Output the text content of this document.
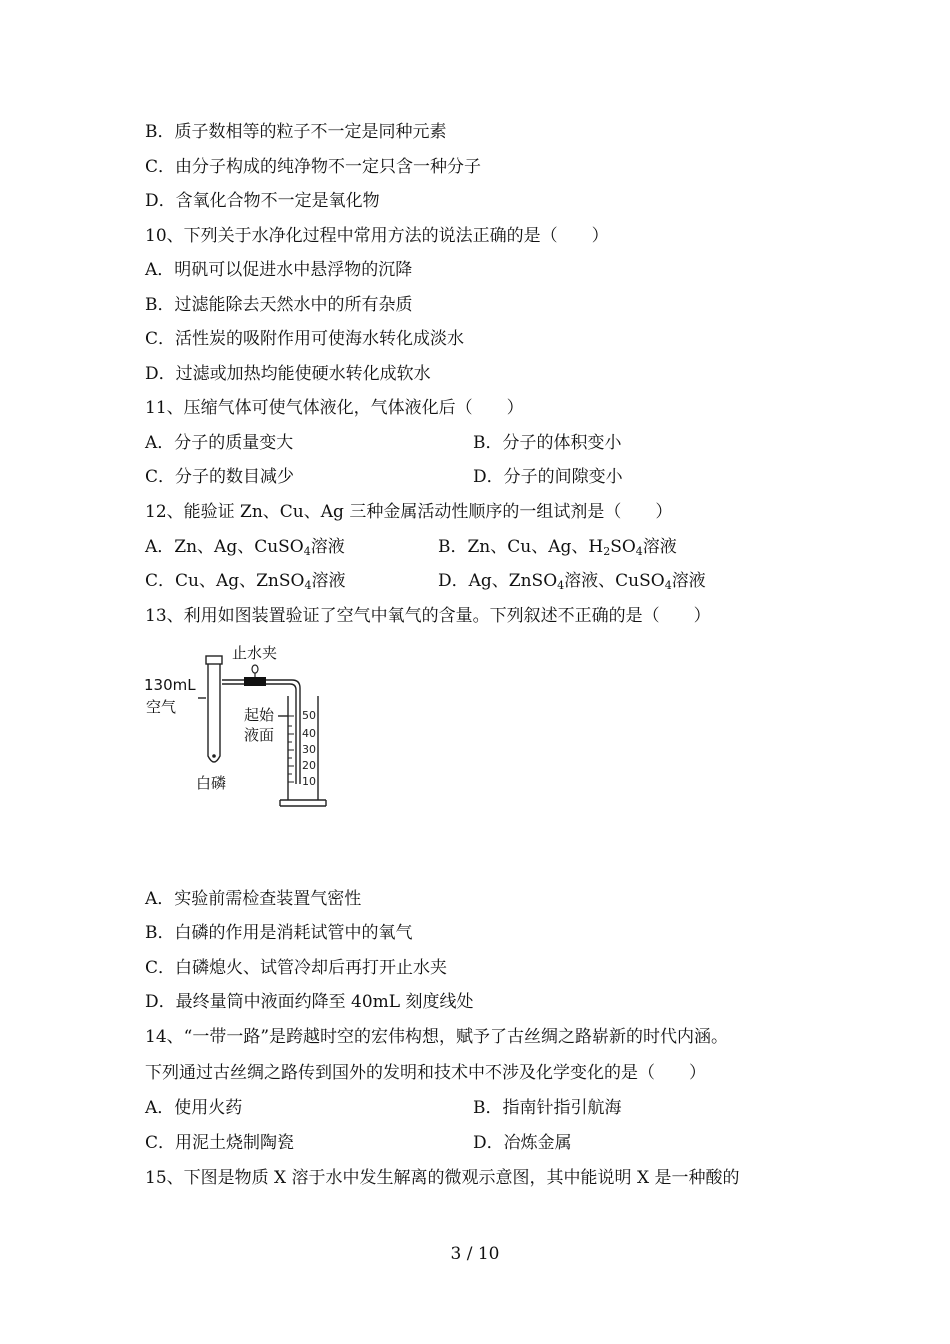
B．质子数相等的粒子不一定是同种元素
C．由分子构成的纯净物不一定只含一种分子
D．含氧化合物不一定是氧化物
10、下列关于水净化过程中常用方法的说法正确的是（　　）
A．明矾可以促进水中悬浮物的沉降
B．过滤能除去天然水中的所有杂质
C．活性炭的吸附作用可使海水转化成淡水
D．过滤或加热均能使硬水转化成软水
11、压缩气体可使气体液化，气体液化后（　　）
A．分子的质量变大	B．分子的体积变小
C．分子的数目减少	D．分子的间隙变小
12、能验证 Zn、Cu、Ag 三种金属活动性顺序的一组试剂是（　　）
A．Zn、Ag、CuSO$_4$溶液	B．Zn、Cu、Ag、$H_2SO_4$溶液
C．Cu、Ag、ZnSO$_4$溶液	D．Ag、ZnSO$_4$溶液、CuSO$_4$溶液
13、利用如图装置验证了空气中氧气的含量。下列叙述不正确的是（　　）
50
40
30
20
10
止水夹
130mL
空气	起始
液面
白磷
A．实验前需检查装置气密性
B．白磷的作用是消耗试管中的氧气
C．白磷熄火、试管冷却后再打开止水夹
D．最终量筒中液面约降至 40mL 刻度线处
14、“一带一路”是跨越时空的宏伟构想，赋予了古丝绸之路崭新的时代内涵。
下列通过古丝绸之路传到国外的发明和技术中不涉及化学变化的是（　　）
A．使用火药	B．指南针指引航海
C．用泥土烧制陶瓷	D．冶炼金属
15、下图是物质 X 溶于水中发生解离的微观示意图，其中能说明 X 是一种酸的
3 / 10
